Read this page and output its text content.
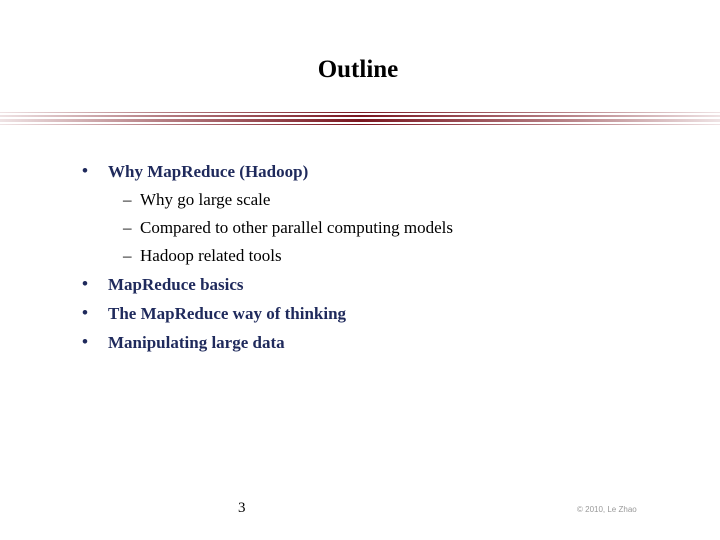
Outline
• Why MapReduce (Hadoop)
– Why go large scale
– Compared to other parallel computing models
– Hadoop related tools
• MapReduce basics
• The MapReduce way of thinking
• Manipulating large data
3	© 2010, Le Zhao
